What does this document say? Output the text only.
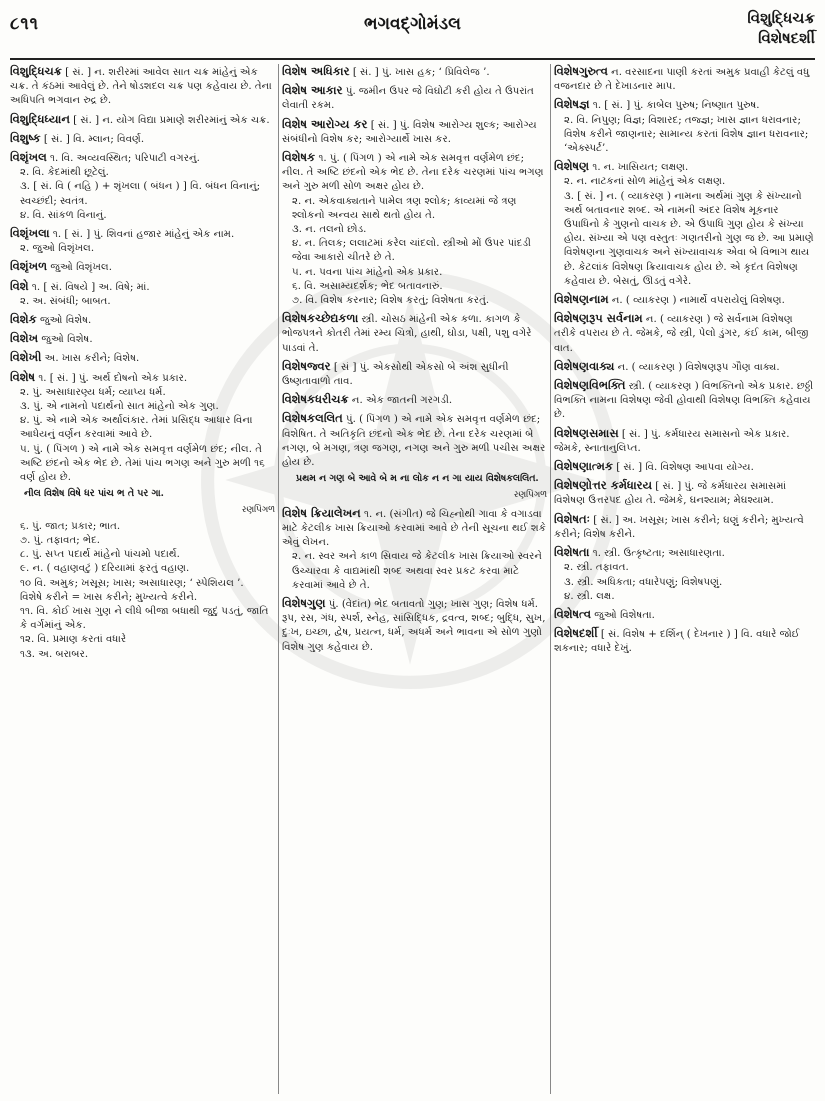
૮૧૧	ભગવદ્ગોમંડલ	વિશુદ્ધિચક્ર
વિશેષદર્શી

વિશુદ્ધિચક્ર [ સં. ] ન. શરીરમાં આવેલ સાત ચક્ર માંહેનું એક ચક્ર. તે કંઠમાં આવેલું છે. તેને ષોડશદલ ચક્ર પણ કહેવાય છે. તેના અધિપતિ ભગવાન રુદ્ર છે.

વિશુદ્ધિધ્યાન [ સં. ] ન. યોગ વિદ્યા પ્રમાણે શરીરમાંનું એક ચક્ર.

વિશુષ્ક [ સં. ] વિ. મ્લાન; વિવર્ણ.

વિશૃંખલ ૧. વિ. અવ્યવસ્થિત; પરિપાટી વગરનું.

૨. વિ. કેદમાંથી છૂટેલું.

૩. [ સં. વિ ( નહિ ) + શૃંખલા ( બંધન ) ] વિ. બંધન વિનાનું; સ્વચ્છંદી; સ્વતંત્ર.

૪. વિ. સાંકળ વિનાનું.

વિશૃંખલા ૧. [ સં. ] પું. શિવનાં હજાર માંહેનું એક નામ.

૨. જુઓ વિશૃંખલ.

વિશૃંખળ જુઓ વિશૃંખલ.

વિશે ૧. [ સં. વિષયે ] અ. વિષે; માં.

૨. અ. સંબંધી; બાબત.

વિશેક જુઓ વિશેષ.

વિશેખ જુઓ વિશેષ.

વિશેખી અ. ખાસ કરીને; વિશેષ.

વિશેષ ૧. [ સં. ] પું. અર્થ દોષનો એક પ્રકાર.

૨. પું. અસાધારણ્ય ધર્મ; વ્યાપ્ય ધર્મ.

૩. પું. એ નામનો પદાર્થનો સાત માંહેનો એક ગુણ.

૪. પું. એ નામે એક અર્થાલંકાર. તેમાં પ્રસિદ્ધ આધાર વિના આધેયનું વર્ણન કરવામાં આવે છે.

૫. પું. ( પિંગળ ) એ નામે એક સમવૃત્ત વર્ણમેળ છંદ; નીલ. તે અષ્ટિ છંદનો એક ભેદ છે. તેમાં પાંચ ભગણ અને ગુરુ મળી ૧૬ વર્ણ હોય છે.

નીલ વિશેષ વિષે ધર પાંચ ભ તે પર ગા.

રણપિંગળ

૬. પું. જાત; પ્રકાર; ભાત.

૭. પું. તફાવત; ભેદ.

૮. પું. સપ્ત પદાર્થ માંહેનો પાંચમો પદાર્થ.

૯. ન. ( વહાણવટું ) દરિયામાં ફરતું વહાણ.

૧૦ વિ. અમુક; ખસૂસ; ખાસ; અસાધારણ; ‘ સ્પેશિયલ ’.

વિશેષે કરીને = ખાસ કરીને; મુખ્યત્વે કરીને.

૧૧. વિ. કોઈ ખાસ ગુણ ને લીધે બીજા બધાથી જુદું પડતું, જાતિ કે વર્ગમાંનું એક.

૧૨. વિ. પ્રમાણ કરતાં વધારે

૧૩. અ. બરાબર.

વિશેષ અધિકાર [ સં. ] પું. ખાસ હક; ‘ પ્રિવિલેજ ’.

વિશેષ આકાર પું. જમીન ઉપર જે વિઘોટી કરી હોય તે ઉપરાંત લેવાતી રકમ.

વિશેષ આરોગ્ય કર [ સં. ] પું. વિશેષ આરોગ્ય શુલ્ક; આરોગ્ય સંબંધીનો વિશેષ કર; આરોગ્યાર્થે ખાસ કર.

વિશેષક ૧. પું. ( પિંગળ ) એ નામે એક સમવૃત્ત વર્ણમેળ છંદ; નીલ. તે અષ્ટિ છંદનો એક ભેદ છે. તેના દરેક ચરણમાં પાંચ ભગણ અને ગુરુ મળી સોળ અક્ષર હોય છે.

૨. ન. એકવાક્યતાને પામેલ ત્રણ શ્લોક; કાવ્યમાં જે ત્રણ શ્લોકનો અન્વય સાથે થતો હોય તે.

૩. ન. તલનો છોડ.

૪. ન. તિલક; લલાટમાં કરેલ ચાંદલો. સ્ત્રીઓ મોં ઉપર પાંદડી જેવા આકારો ચીતરે છે તે.

૫. ન. પવના પાંચ માંહેનો એક પ્રકાર.

૬. વિ. અસામ્યદર્શક; ભેદ બતાવનારું.

૭. વિ. વિશેષ કરનાર; વિશેષ કરતું; વિશેષતા કરતું.

વિશેષકચ્છેદ્યકળા સ્ત્રી. ચોસઠ માંહેની એક કળા. કાગળ કે ભોજપત્રને કોતરી તેમાં રમ્ય ચિત્રો, હાથી, ઘોડા, પક્ષી, પશુ વગેરે પાડવાં તે.

વિશેષજ્વર [ સં ] પું. એકસોથી એકસો બે અંશ સુધીની ઉષ્ણતાવાળો તાવ.

વિશેષકધરીચક્ર ન. એક જાતની ગરગડી.

વિશેષકલલિત પું. ( પિંગળ ) એ નામે એક સમવૃત્ત વર્ણમેળ છંદ; વિશેષિત. તે અતિકૃતિ છંદનો એક ભેદ છે. તેના દરેક ચરણમાં બે નગણ, બે મગણ, ત્રણ જગણ, નગણ અને ગુરુ મળી પચીસ અક્ષર હોય છે.

પ્રથમ ન ગણ બે આવે બે મ ના લોક ન ન ગા યાય વિશેષકલલિત.

રણપિંગળ

વિશેષ ક્રિયાલેખન ૧. ન. (સંગીત) જે ચિહ્નોથી ગાવા કે વગાડવા માટે કેટલીક ખાસ ક્રિયાઓ કરવામાં આવે છે તેની સૂચના થઈ શકે એવું લેખન.

૨. ન. સ્વર અને કાળ સિવાય જે કેટલીક ખાસ ક્રિયાઓ સ્વરને ઉચ્ચારવા કે વાદ્યમાંથી શબ્દ અથવા સ્વર પ્રકટ કરવા માટે કરવામાં આવે છે તે.

વિશેષગુણ પું. (વેદાંત) ભેદ બતાવતો ગુણ; ખાસ ગુણ; વિશેષ ધર્મ. રૂપ, રસ, ગંધ, સ્પર્શ, સ્નેહ, સાંસિદ્ધિક, દ્રવત્વ, શબ્દ; બુદ્ધિ, સુખ, દુઃખ, ઇચ્છા, દ્વેષ, પ્રયત્ન, ધર્મ, અધર્મ અને ભાવના એ સોળ ગુણો વિશેષ ગુણ કહેવાય છે.

વિશેષગુરુત્વ ન. વરસાદના પાણી કરતાં અમુક પ્રવાહી કેટલું વધુ વજનદાર છે તે દેખાડનાર માપ.

વિશેષજ્ઞ ૧. [ સં. ] પું. કાબેલ પુરુષ; નિષ્ણાત પુરુષ.

૨. વિ. નિપુણ; વિજ્ઞ; વિશારદ; તજ્જ્ઞ; ખાસ જ્ઞાન ધરાવનાર; વિશેષ કરીને જાણનાર; સામાન્ય કરતાં વિશેષ જ્ઞાન ધરાવનાર; ‘એક્સ્પર્ટ’.

વિશેષણ ૧. ન. ખાસિયત; લક્ષણ.

૨. ન. નાટકનાં સોળ માંહેનું એક લક્ષણ.

૩. [ સં. ] ન. ( વ્યાકરણ ) નામના અર્થમાં ગુણ કે સંખ્યાનો અર્થ બતાવનાર શબ્દ. એ નામની અંદર વિશેષ મૂકનાર ઉપાધિનો કે ગુણનો વાચક છે. એ ઉપાધિ ગુણ હોય કે સંખ્યા હોય. સંખ્યા એ પણ વસ્તુતઃ ગણતરીનો ગુણ જ છે. આ પ્રમાણે વિશેષણના ગુણવાચક અને સંખ્યાવાચક એવા બે વિભાગ થાય છે. કેટલાંક વિશેષણ ક્રિયાવાચક હોય છે. એ કૃદંત વિશેષણ કહેવાય છે. બેસતું, ઊડતું વગેરે.

વિશેષણનામ ન. ( વ્યાકરણ ) નામાર્થે વપરાયેલું વિશેષણ.

વિશેષણરૂપ સર્વનામ ન. ( વ્યાકરણ ) જે સર્વનામ વિશેષણ તરીકે વપરાય છે તે. જેમકે, જે સ્ત્રી, પેલો ડુંગર, કંઈ કામ, બીજી વાત.

વિશેષણવાક્ય ન. ( વ્યાકરણ ) વિશેષણરૂપ ગૌણ વાક્ય.

વિશેષણવિભક્તિ સ્ત્રી. ( વ્યાકરણ ) વિભક્તિનો એક પ્રકાર. છઠ્ઠી વિભક્તિ નામના વિશેષણ જેવી હોવાથી વિશેષણ વિભક્તિ કહેવાય છે.

વિશેષણસમાસ [ સં. ] પું. કર્મધારય સમાસનો એક પ્રકાર. જેમકે, સ્નાતાનુલિપ્ત.

વિશેષણાત્મક [ સં. ] વિ. વિશેષણ આપવા યોગ્ય.

વિશેષણોત્તર કર્મધારય [ સં. ] પું. જે કર્મધારય સમાસમાં વિશેષણ ઉત્તરપદ હોય તે. જેમકે, ઘનશ્યામ; મેઘશ્યામ.

વિશેષતઃ [ સં. ] અ. ખસૂસ; ખાસ કરીને; ઘણું કરીને; મુખ્યત્વે કરીને; વિશેષ કરીને.

વિશેષતા ૧. સ્ત્રી. ઉત્કૃષ્ટતા; અસાધારણતા.

૨. સ્ત્રી. તફાવત.

૩. સ્ત્રી. અધિકતા; વધારેપણું; વિશેષપણું.

૪. સ્ત્રી. લક્ષ.

વિશેષત્વ જુઓ વિશેષતા.

વિશેષદર્શી [ સં. વિશેષ + દર્શિન્ ( દેખનાર ) ] વિ. વધારે જોઈ શકનાર; વધારે દેખું.
